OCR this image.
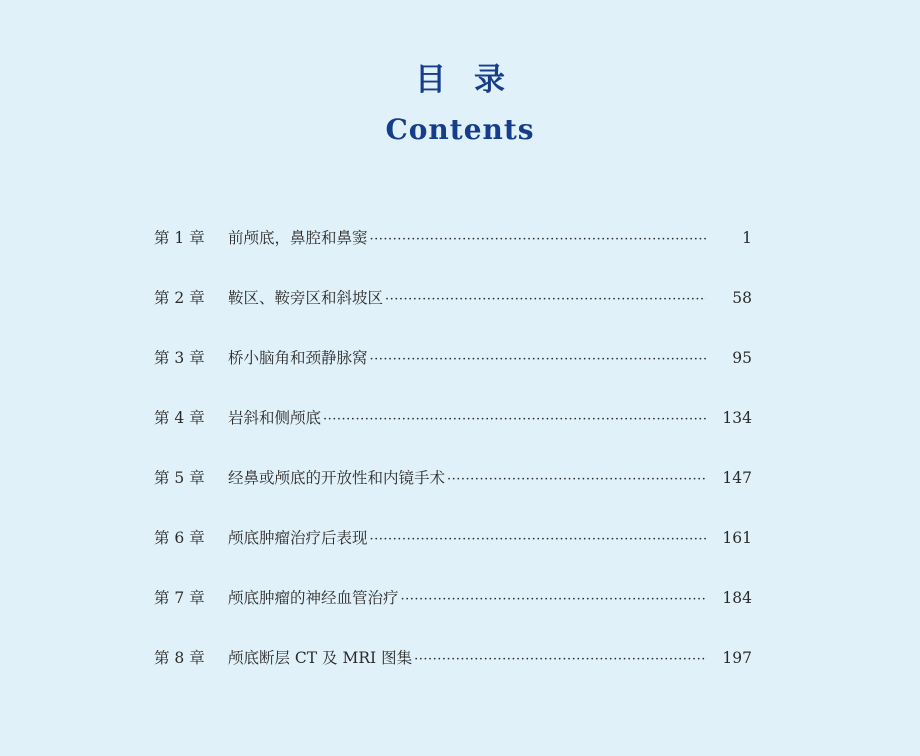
目录
Contents
第 1 章	前颅底，鼻腔和鼻窦 ·····	1
第 2 章	鞍区、鞍旁区和斜坡区 ·····	58
第 3 章	桥小脑角和颈静脉窝 ·····	95
第 4 章	岩斜和侧颅底 ·····	134
第 5 章	经鼻或颅底的开放性和内镜手术 ·····	147
第 6 章	颅底肿瘤治疗后表现 ·····	161
第 7 章	颅底肿瘤的神经血管治疗 ·····	184
第 8 章	颅底断层 CT 及 MRI 图集 ·····	197
